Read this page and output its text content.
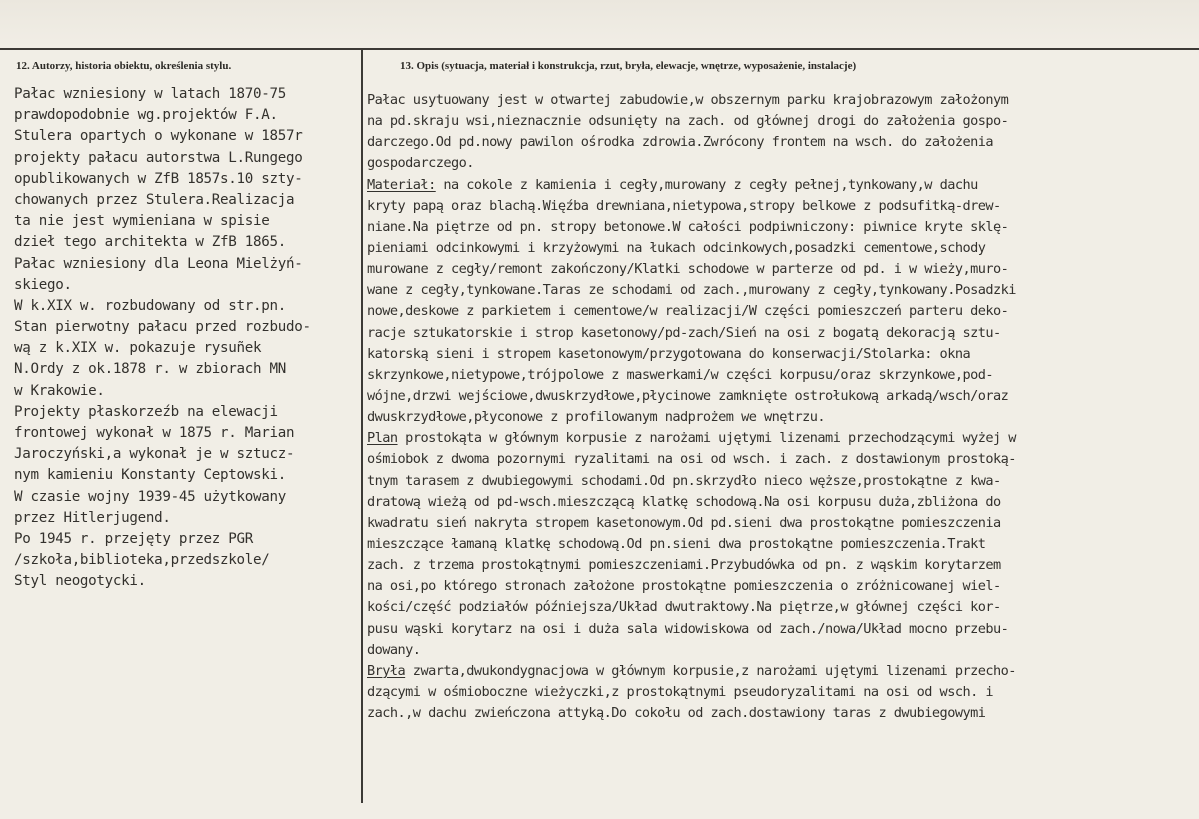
12. Autorzy, historia obiektu, określenia stylu.	13. Opis (sytuacja, materiał i konstrukcja, rzut, bryła, elewacje, wnętrze, wyposażenie, instalacje)
Pałac wzniesiony w latach 1870-75
prawdopodobnie wg.projektów F.A.
Stulera opartych o wykonane w 1857r
projekty pałacu autorstwa L.Rungego
opublikowanych w ZfB 1857s.10 szty-
chowanych przez Stulera.Realizacja
ta nie jest wymieniana w spisie
dzieł tego architekta w ZfB 1865.
Pałac wzniesiony dla Leona Mielżyń-
skiego.
W k.XIX w. rozbudowany od str.pn.
Stan pierwotny pałacu przed rozbudo-
wą z k.XIX w. pokazuje rysuñek
N.Ordy z ok.1878 r. w zbiorach MN
w Krakowie.
Projekty płaskorzeźb na elewacji
frontowej wykonał w 1875 r. Marian
Jaroczyński,a wykonał je w sztucz-
nym kamieniu Konstanty Ceptowski.
W czasie wojny 1939-45 użytkowany
przez Hitlerjugend.
Po 1945 r. przejęty przez PGR
/szkoła,biblioteka,przedszkole/
Styl neogotycki.
Pałac usytuowany jest w otwartej zabudowie,w obszernym parku krajobrazowym założonym
na pd.skraju wsi,nieznacznie odsunięty na zach. od głównej drogi do założenia gospo-
darczego.Od pd.nowy pawilon ośrodka zdrowia.Zwrócony frontem na wsch. do założenia
gospodarczego.
Materiał: na cokole z kamienia i cegły,murowany z cegły pełnej,tynkowany,w dachu
kryty papą oraz blachą.Więźba drewniana,nietypowa,stropy belkowe z podsufitką-drew-
niane.Na piętrze od pn. stropy betonowe.W całości podpiwniczony: piwnice kryte sklę-
pieniami odcinkowymi i krzyżowymi na łukach odcinkowych,posadzki cementowe,schody
murowane z cegły/remont zakończony/Klatki schodowe w parterze od pd. i w wieży,muro-
wane z cegły,tynkowane.Taras ze schodami od zach.,murowany z cegły,tynkowany.Posadzki
nowe,deskowe z parkietem i cementowe/w realizacji/W części pomieszczeń parteru deko-
racje sztukatorskie i strop kasetonowy/pd-zach/Sień na osi z bogatą dekoracją sztu-
katorską sieni i stropem kasetonowym/przygotowana do konserwacji/Stolarka: okna
skrzynkowe,nietypowe,trójpolowe z maswerkami/w części korpusu/oraz skrzynkowe,pod-
wójne,drzwi wejściowe,dwuskrzydłowe,płycinowe zamknięte ostrołukową arkadą/wsch/oraz
dwuskrzydłowe,płyconowe z profilowanym nadprożem we wnętrzu.
Plan prostokąta w głównym korpusie z narożami ujętymi lizenami przechodzącymi wyżej w
ośmiobok z dwoma pozornymi ryzalitami na osi od wsch. i zach. z dostawionym prostoką-
tnym tarasem z dwubiegowymi schodami.Od pn.skrzydło nieco węższe,prostokątne z kwa-
dratową wieżą od pd-wsch.mieszczącą klatkę schodową.Na osi korpusu duża,zbliżona do
kwadratu sień nakryta stropem kasetonowym.Od pd.sieni dwa prostokątne pomieszczenia
mieszczące łamaną klatkę schodową.Od pn.sieni dwa prostokątne pomieszczenia.Trakt
zach. z trzema prostokątnymi pomieszczeniami.Przybudówka od pn. z wąskim korytarzem
na osi,po którego stronach założone prostokątne pomieszczenia o zróżnicowanej wiel-
kości/część podziałów późniejsza/Układ dwutraktowy.Na piętrze,w głównej części kor-
pusu wąski korytarz na osi i duża sala widowiskowa od zach./nowa/Układ mocno przebu-
dowany.
Bryła zwarta,dwukondygnacjowa w głównym korpusie,z narożami ujętymi lizenami przecho-
dzącymi w ośmioboczne wieżyczki,z prostokątnymi pseudoryzalitami na osi od wsch. i
zach.,w dachu zwieńczona attyką.Do cokołu od zach.dostawiony taras z dwubiegowymi
